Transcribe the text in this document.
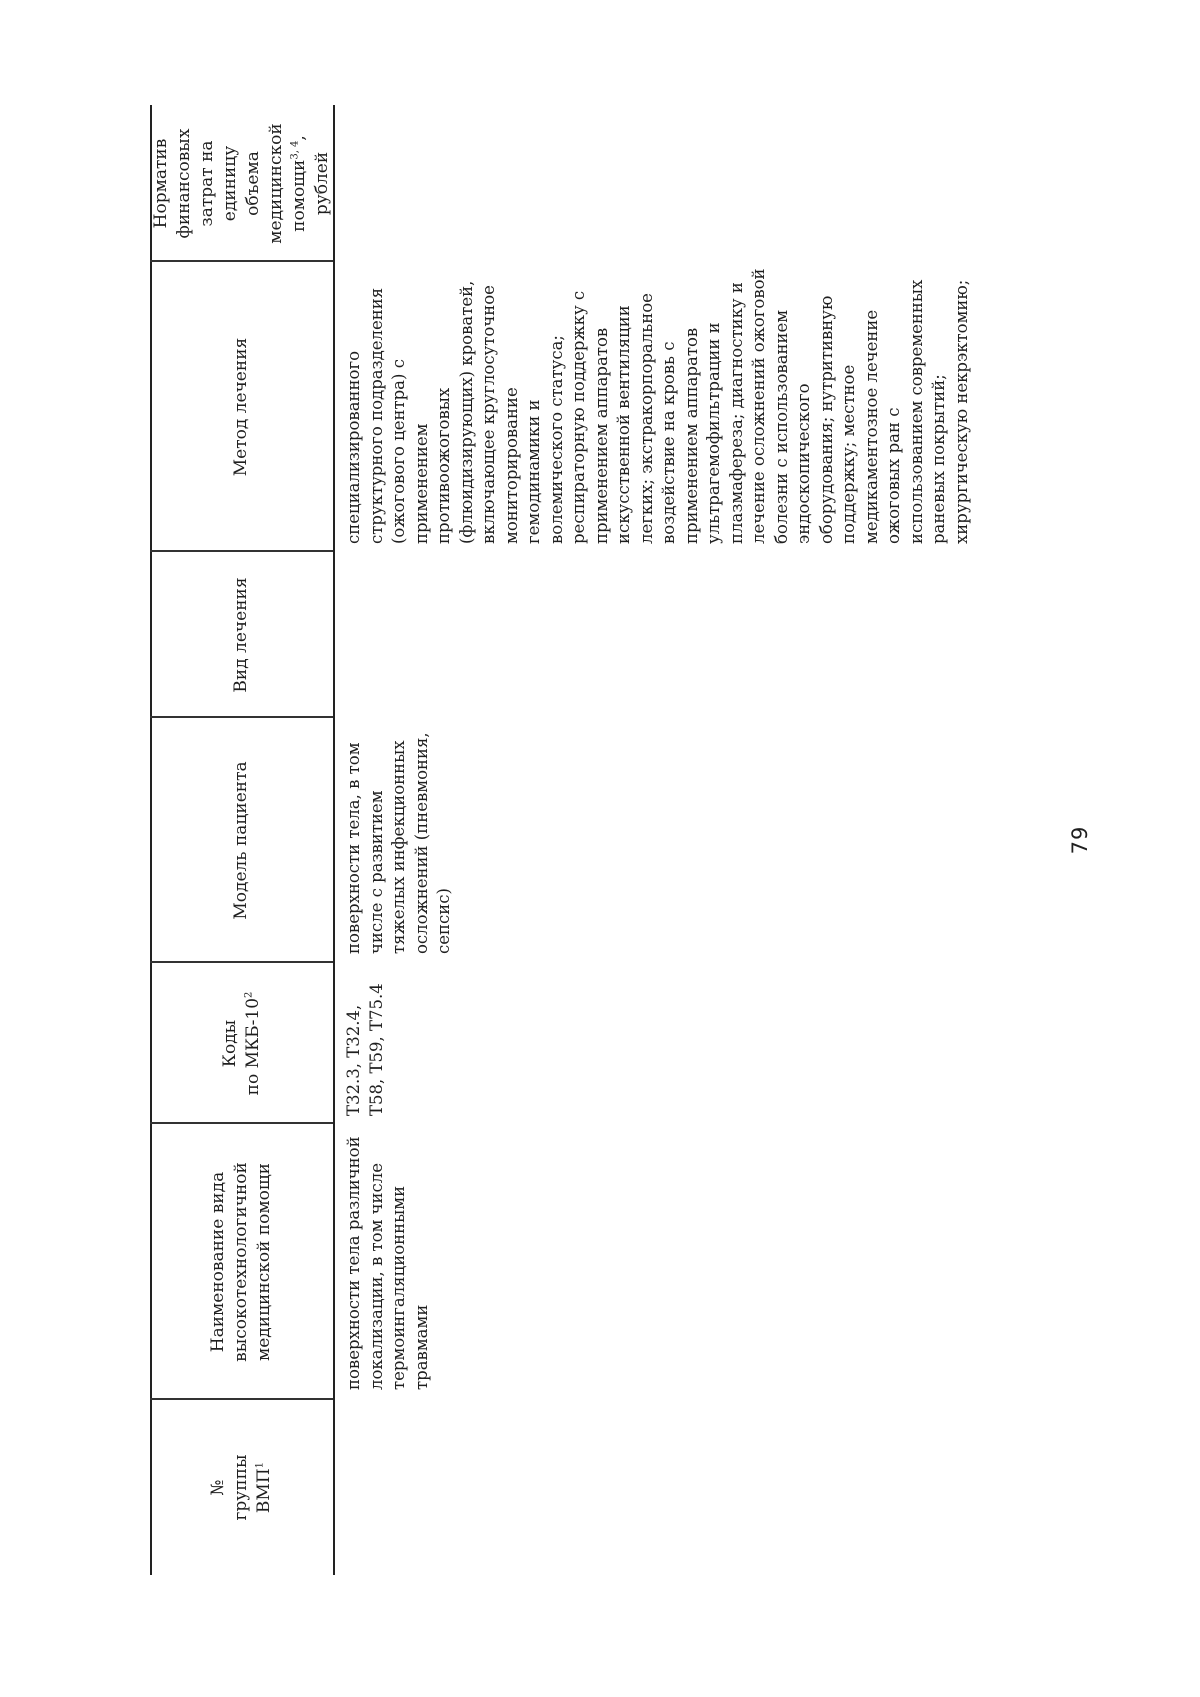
79
№ группы ВМП$^1$
Наименование вида высокотехнологичной медицинской помощи
Коды по МКБ-$10^2$
Модель пациента
Вид лечения
Метод лечения
Норматив финансовых затрат на единицу объема медицинской помощи$^{3, 4}$,
рублей
поверхности тела различной локализации, в том числе термоингаляционными травмами
T32.3, T32.4, T58, T59, T75.4
поверхности тела, в том числе с развитием тяжелых инфекционных осложнений (пневмония, сепсис)
специализированного структурного подразделения (ожогового центра) с применением противоожоговых (флюидизирующих) кроватей, включающее круглосуточное мониторирование гемодинамики и волемического статуса; респираторную поддержку с применением аппаратов искусственной вентиляции легких; экстракорпоральное воздействие на кровь с применением аппаратов ультрагемофильтрации и плазмафереза; диагностику и лечение осложнений ожоговой болезни с использованием эндоскопического оборудования; нутритивную поддержку; местное медикаментозное лечение ожоговых ран с использованием современных раневых покрытий; хирургическую некрэктомию;
